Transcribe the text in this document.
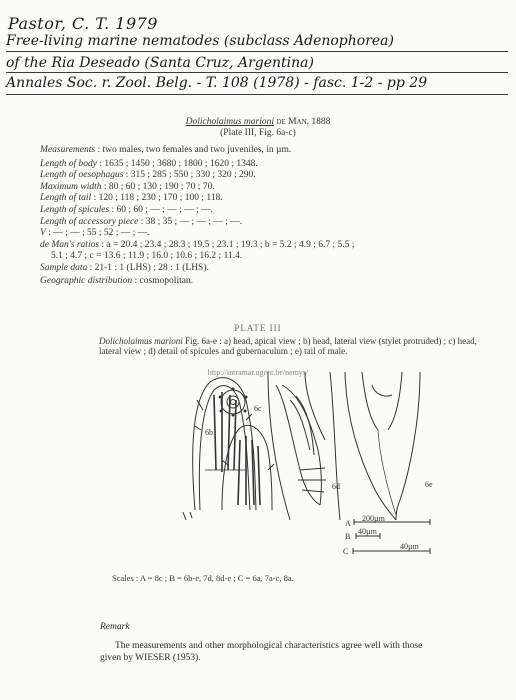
Pastor, C. T. 1979
Free-living marine nematodes (subclass Adenophorea)
of the Ria Deseado (Santa Cruz, Argentina)
Annales Soc. r. Zool. Belg. - T. 108 (1978) - fasc. 1-2 - pp 29
Dolicholaimus marioni de Man, 1888
(Plate III, Fig. 6a-c)
Measurements : two males, two females and two juveniles, in µm.
Length of body : 1635 ; 1450 ; 3680 ; 1800 ; 1620 ; 1348.
Length of oesophagus : 315 ; 285 ; 550 ; 330 ; 320 ; 290.
Maximum width : 80 ; 60 ; 130 ; 190 ; 70 ; 70.
Length of tail : 120 ; 118 ; 230 ; 170 ; 100 ; 118.
Length of spicules : 60 ; 60 ; — ; — ; — ; —.
Length of accessory piece : 38 ; 35 ; — ; — ; — ; —.
V : — ; — ; 55 ; 52 ; — ; —.
de Man's ratios : a = 20.4 ; 23.4 ; 28.3 ; 19.5 ; 23.1 ; 19.3 ; b = 5.2 ; 4.9 ; 6.7 ; 5.5 ;
5.1 ; 4.7 ; c = 13.6 ; 11.9 ; 16.0 ; 10.6 ; 16.2 ; 11.4.
Sample data : 21-1 : 1 (LHS) ; 28 : 1 (LHS).
Geographic distribution : cosmopolitan.
PLATE III
Dolicholaimus marioni Fig. 6a-e : a) head, apical view ; b) head, lateral view (stylet protruded) ; c) head, lateral view ; d) detail of spicules and gubernaculum ; e) tail of male.
http://intramar.ugent.be/nemys/
6b
6c
6d	6e
A
200µm
B
40µm
C
40µm
Scales : A = 8c ; B = 6b-e, 7d, 8d-e ; C = 6a, 7a-c, 8a.
Remark
The measurements and other morphological characteristics agree well with those given by WIESER (1953).
